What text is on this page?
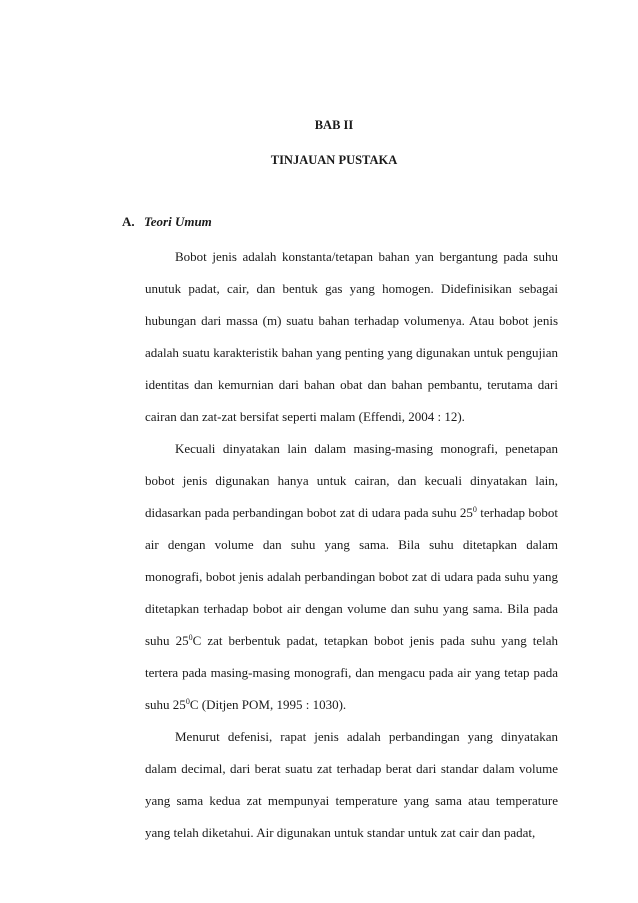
BAB II
TINJAUAN PUSTAKA
A. Teori Umum

Bobot jenis adalah konstanta/tetapan bahan yan bergantung pada suhu unutuk padat, cair, dan bentuk gas yang homogen. Didefinisikan sebagai hubungan dari massa (m) suatu bahan terhadap volumenya. Atau bobot jenis adalah suatu karakteristik bahan yang penting yang digunakan untuk pengujian identitas dan kemurnian dari bahan obat dan bahan pembantu, terutama dari cairan dan zat-zat bersifat seperti malam (Effendi, 2004 : 12).

Kecuali dinyatakan lain dalam masing-masing monografi, penetapan bobot jenis digunakan hanya untuk cairan, dan kecuali dinyatakan lain, didasarkan pada perbandingan bobot zat di udara pada suhu $25^0$ terhadap bobot air dengan volume dan suhu yang sama. Bila suhu ditetapkan dalam monografi, bobot jenis adalah perbandingan bobot zat di udara pada suhu yang ditetapkan terhadap bobot air dengan volume dan suhu yang sama. Bila pada suhu $25^0C$ zat berbentuk padat, tetapkan bobot jenis pada suhu yang telah tertera pada masing-masing monografi, dan mengacu pada air yang tetap pada suhu $25^0C$ (Ditjen POM, 1995 : 1030).

Menurut defenisi, rapat jenis adalah perbandingan yang dinyatakan dalam decimal, dari berat suatu zat terhadap berat dari standar dalam volume yang sama kedua zat mempunyai temperature yang sama atau temperature yang telah diketahui. Air digunakan untuk standar untuk zat cair dan padat,
